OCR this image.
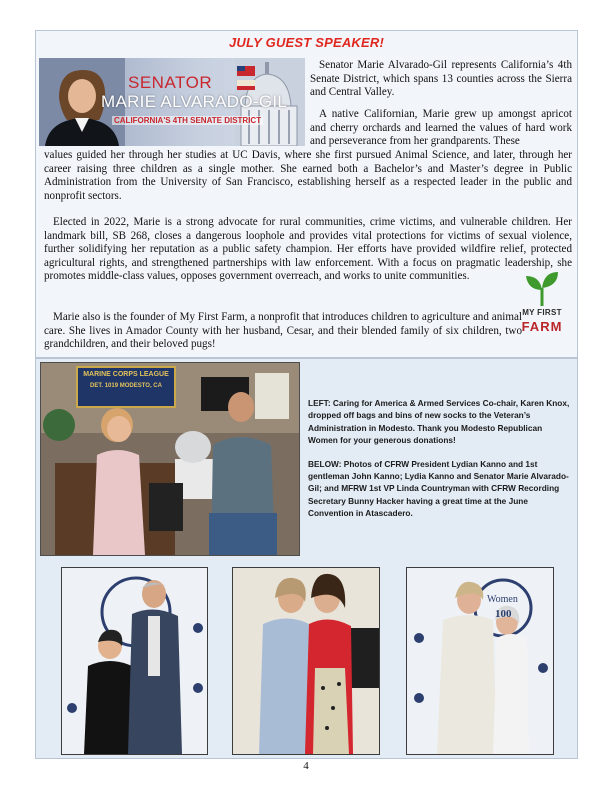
JULY GUEST SPEAKER!
SENATOR
MARIE ALVARADO-GIL
CALIFORNIA'S 4TH SENATE DISTRICT
Senator Marie Alvarado-Gil represents California’s 4th Senate District, which spans 13 counties across the Sierra and Central Valley.
A native Californian, Marie grew up amongst apricot and cherry orchards and learned the values of hard work and perseverance from her grandparents. These
values guided her through her studies at UC Davis, where she first pursued Animal Science, and later, through her career raising three children as a single mother. She earned both a Bachelor’s and Master’s degree in Public Administration from the University of San Francisco, establishing herself as a respected leader in the public and nonprofit sectors.
Elected in 2022, Marie is a strong advocate for rural communities, crime victims, and vulnerable children. Her landmark bill, SB 268, closes a dangerous loophole and provides vital protections for victims of sexual violence, further solidifying her reputation as a public safety champion. Her efforts have provided wildfire relief, protected agricultural rights, and strengthened partnerships with law enforcement. With a focus on pragmatic leadership, she promotes middle-class values, opposes government overreach, and works to unite communities.
Marie also is the founder of My First Farm, a nonprofit that introduces children to agriculture and animal care. She lives in Amador County with her husband, Cesar, and their blended family of six children, two grandchildren, and their beloved pugs!
MY FIRST
FARM
MARINE CORPS LEAGUE
DET. 1019 MODESTO, CA

LEFT: Caring for America & Armed Services Co-chair, Karen Knox, dropped off bags and bins of new socks to the Veteran’s Administration in Modesto. Thank you Modesto Republican Women for your generous donations!

BELOW: Photos of CFRW President Lydian Kanno and 1st gentleman John Kanno; Lydia Kanno and Senator Marie Alvarado-Gil; and MFRW 1st VP Linda Countryman with CFRW Recording Secretary Bunny Hacker having a great time at the June Convention in Atascadero.

Women
100
4
